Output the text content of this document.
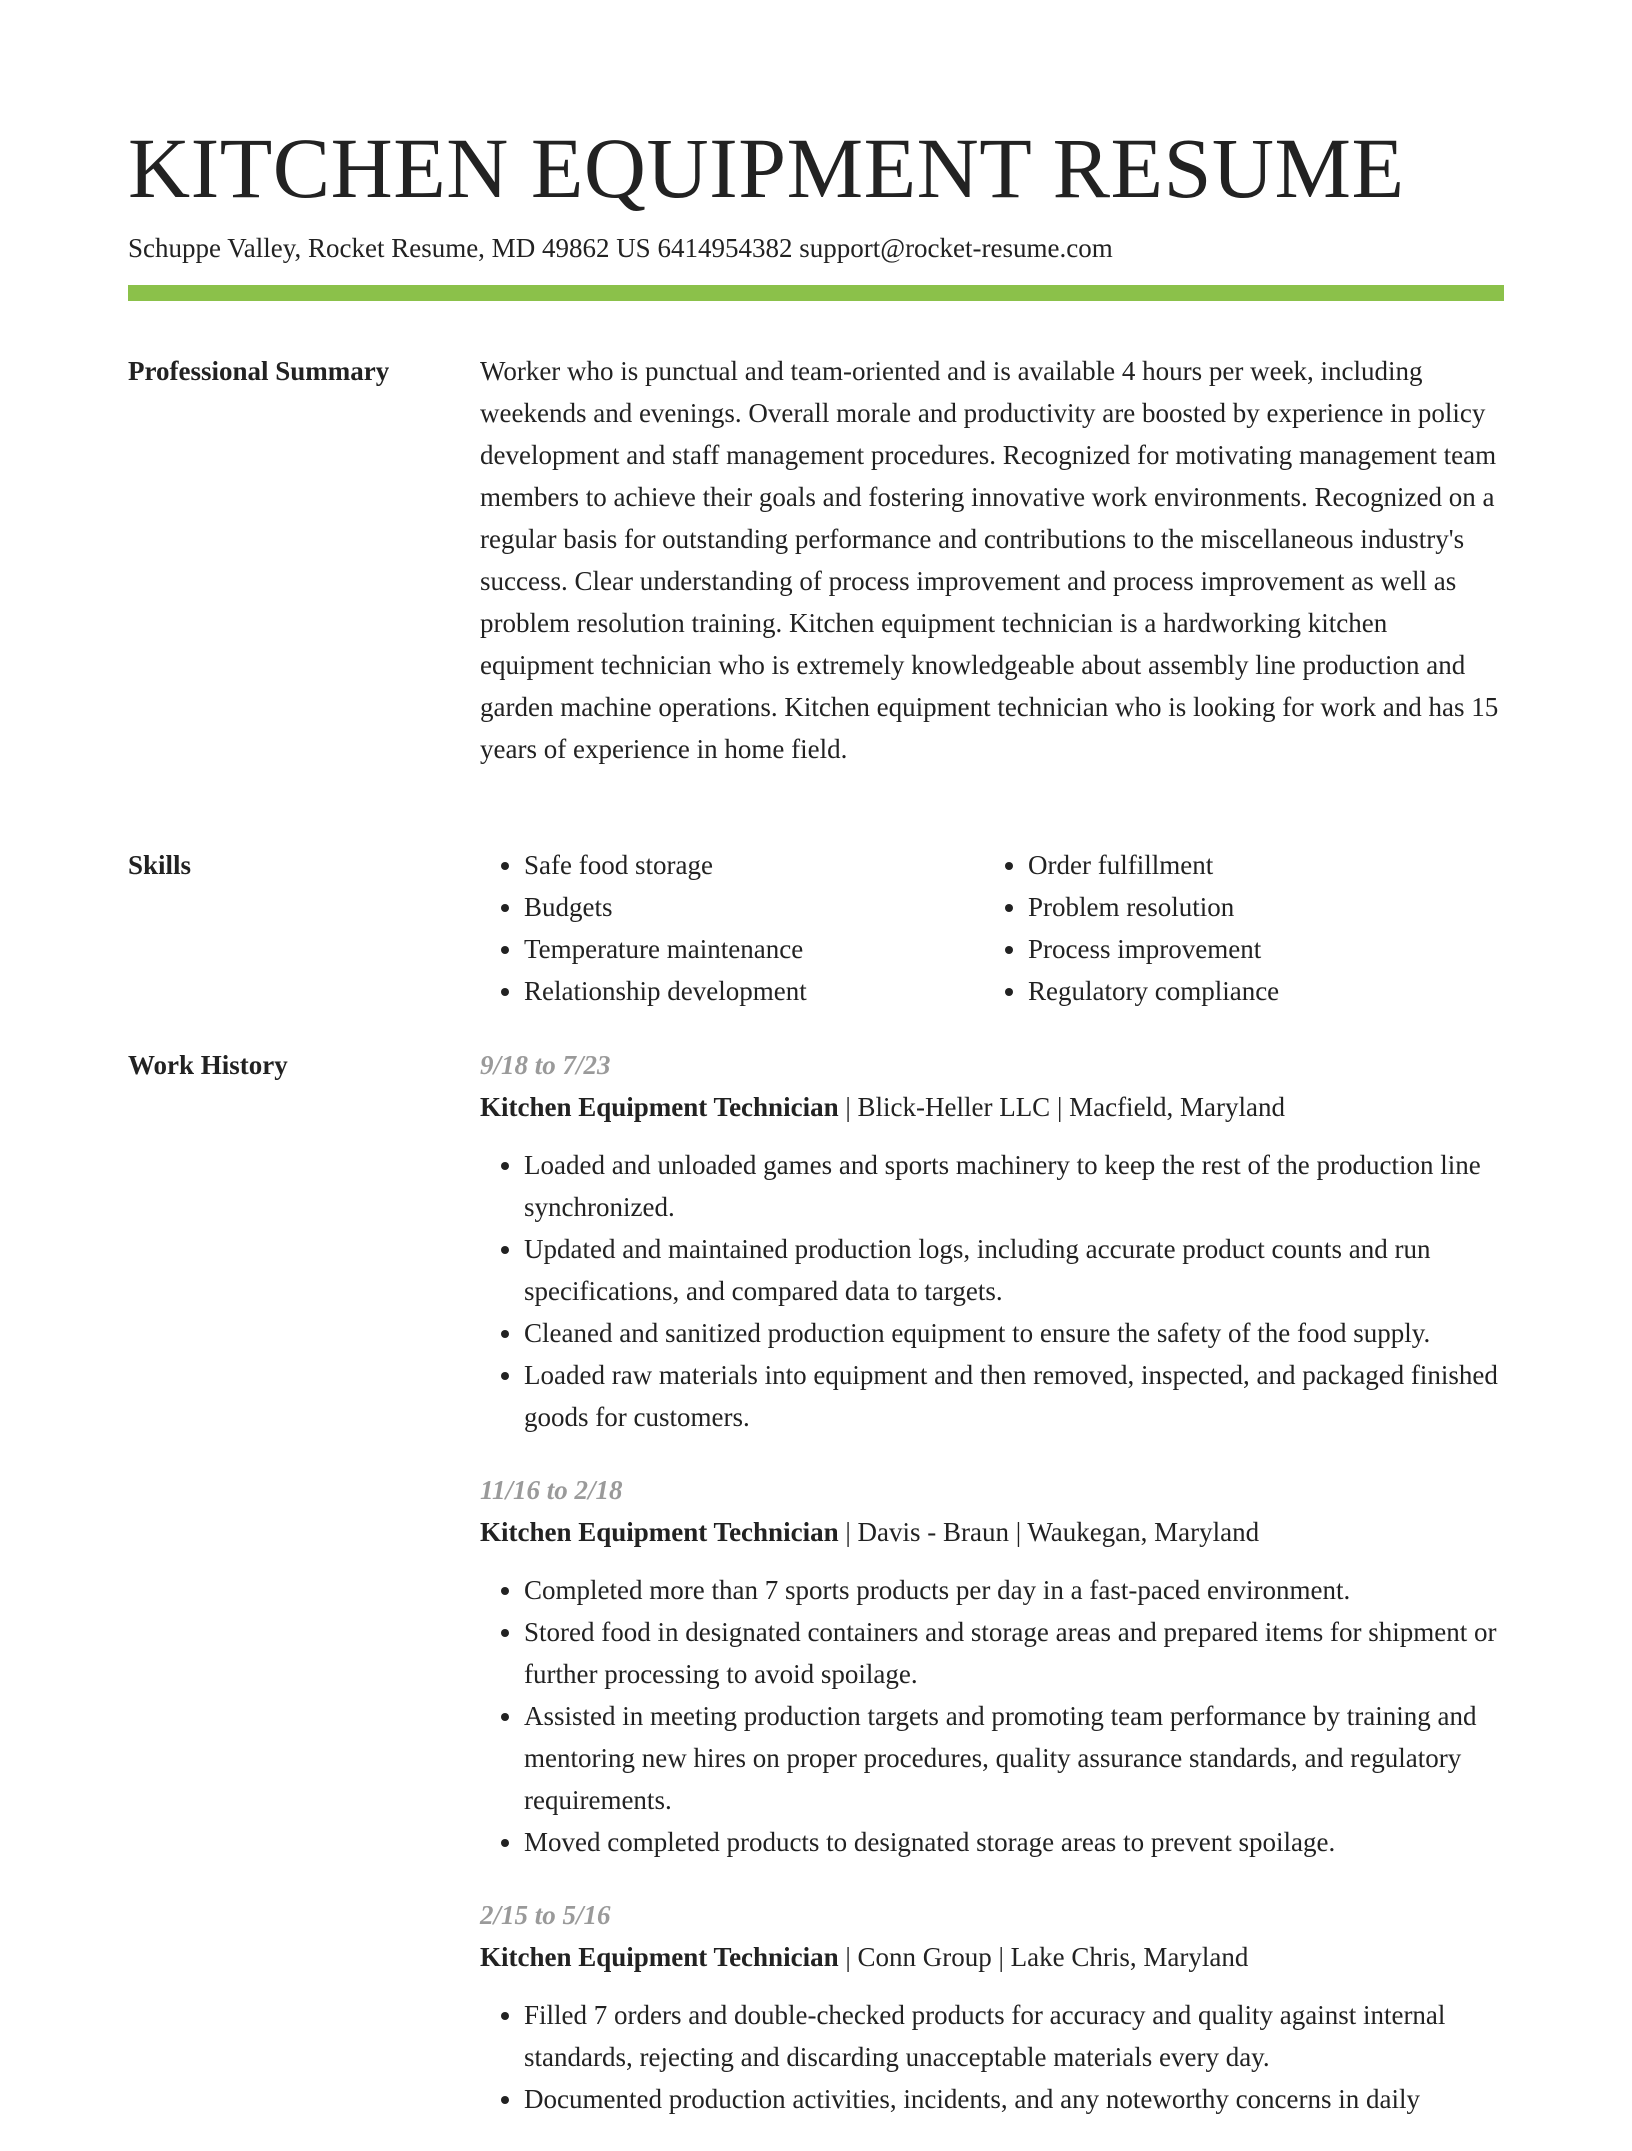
KITCHEN EQUIPMENT RESUME
Schuppe Valley, Rocket Resume, MD 49862 US 6414954382 support@rocket-resume.com
Professional Summary	Worker who is punctual and team-oriented and is available 4 hours per week, including weekends and evenings. Overall morale and productivity are boosted by experience in policy development and staff management procedures. Recognized for motivating management team members to achieve their goals and fostering innovative work environments. Recognized on a regular basis for outstanding performance and contributions to the miscellaneous industry's success. Clear understanding of process improvement and process improvement as well as problem resolution training. Kitchen equipment technician is a hardworking kitchen equipment technician who is extremely knowledgeable about assembly line production and garden machine operations. Kitchen equipment technician who is looking for work and has 15 years of experience in home field.

Skills
•	Safe food storage
• Budgets
• Temperature maintenance
• Relationship development
• Order fulfillment
• Problem resolution
• Process improvement
• Regulatory compliance
Work History	9/18 to 7/23
Kitchen Equipment Technician | Blick-Heller LLC | Macfield, Maryland
• Loaded and unloaded games and sports machinery to keep the rest of the production line synchronized.
• Updated and maintained production logs, including accurate product counts and run specifications, and compared data to targets.
• Cleaned and sanitized production equipment to ensure the safety of the food supply.
• Loaded raw materials into equipment and then removed, inspected, and packaged finished goods for customers.
11/16 to 2/18
Kitchen Equipment Technician | Davis - Braun | Waukegan, Maryland
• Completed more than 7 sports products per day in a fast-paced environment.
• Stored food in designated containers and storage areas and prepared items for shipment or further processing to avoid spoilage.
• Assisted in meeting production targets and promoting team performance by training and mentoring new hires on proper procedures, quality assurance standards, and regulatory requirements.
• Moved completed products to designated storage areas to prevent spoilage.
2/15 to 5/16
Kitchen Equipment Technician | Conn Group | Lake Chris, Maryland
• Filled 7 orders and double-checked products for accuracy and quality against internal standards, rejecting and discarding unacceptable materials every day.
• Documented production activities, incidents, and any noteworthy concerns in daily
